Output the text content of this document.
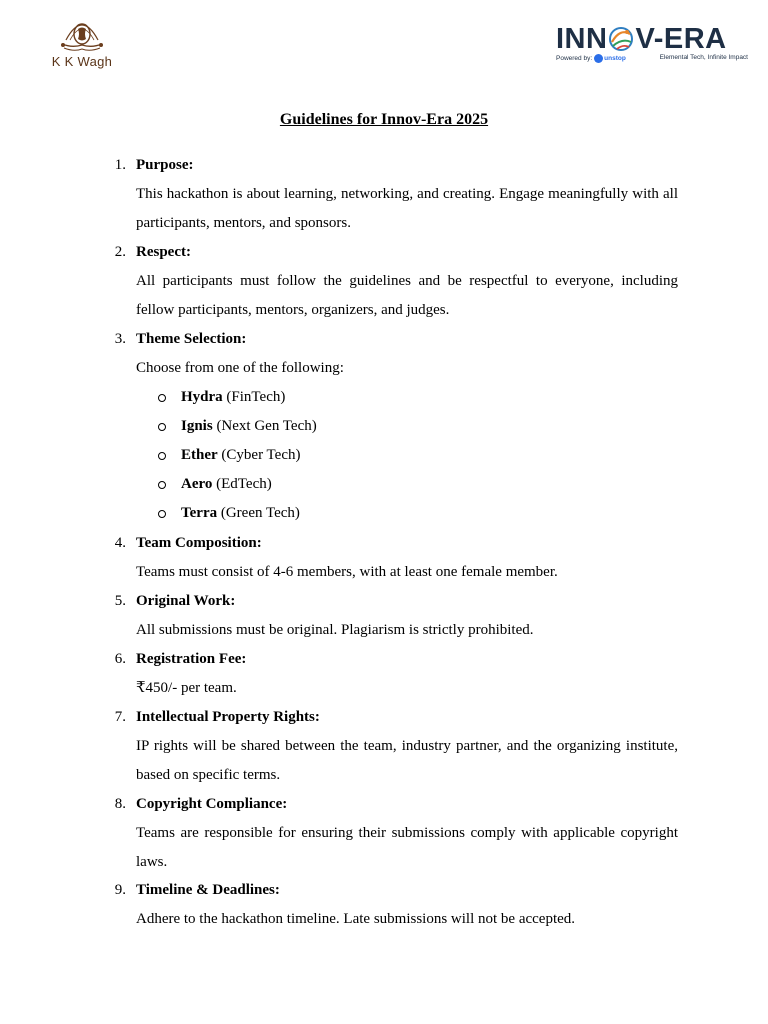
K K Wagh
INN V-ERA
Powered by: unstop	Elemental Tech, Infinite Impact
Guidelines for Innov-Era 2025
1. Purpose:
This hackathon is about learning, networking, and creating. Engage meaningfully with all participants, mentors, and sponsors.
2. Respect:
All participants must follow the guidelines and be respectful to everyone, including fellow participants, mentors, organizers, and judges.
3. Theme Selection:
Choose from one of the following:
Hydra (FinTech)
Ignis (Next Gen Tech)
Ether (Cyber Tech)
Aero (EdTech)
Terra (Green Tech)
4. Team Composition:
Teams must consist of 4-6 members, with at least one female member.
5. Original Work:
All submissions must be original. Plagiarism is strictly prohibited.
6. Registration Fee:
₹450/- per team.
7. Intellectual Property Rights:
IP rights will be shared between the team, industry partner, and the organizing institute, based on specific terms.
8. Copyright Compliance:
Teams are responsible for ensuring their submissions comply with applicable copyright laws.
9. Timeline & Deadlines:
Adhere to the hackathon timeline. Late submissions will not be accepted.
